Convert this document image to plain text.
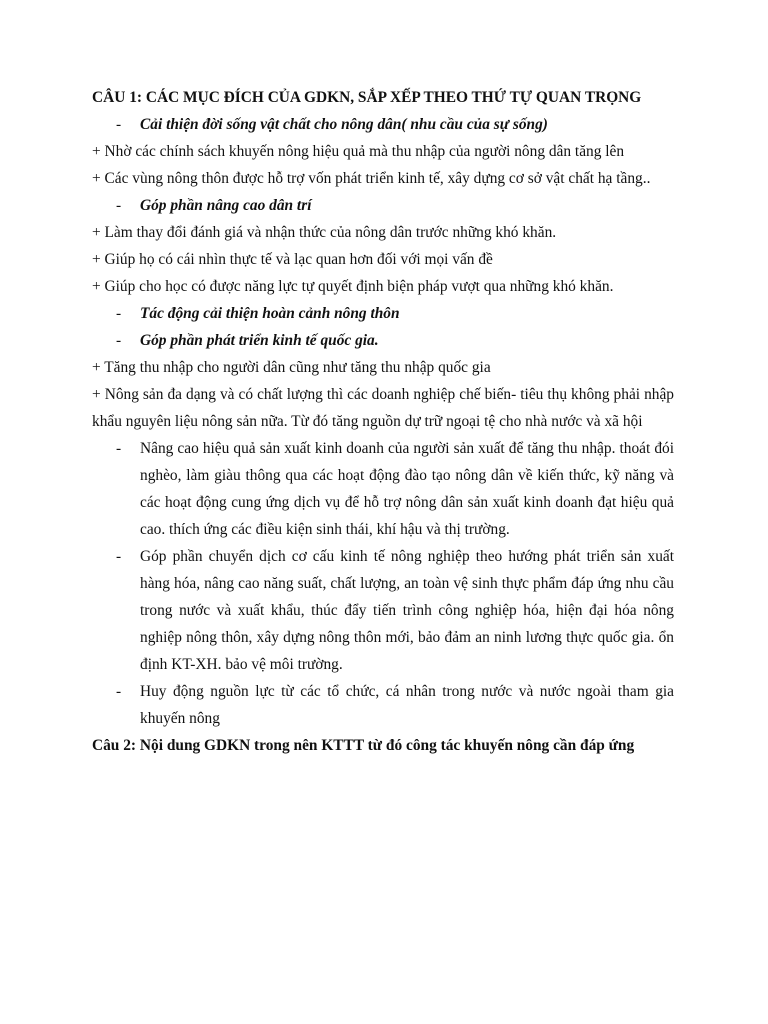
CÂU 1: CÁC MỤC ĐÍCH CỦA GDKN, SẮP XẾP THEO THỨ TỰ QUAN TRỌNG

- Cải thiện đời sống vật chất cho nông dân( nhu cầu của sự sống)

+ Nhờ các chính sách khuyến nông hiệu quả mà thu nhập của người nông dân tăng lên

+ Các vùng nông thôn được hỗ trợ vốn phát triển kinh tế, xây dựng cơ sở vật chất hạ tầng..

- Góp phần nâng cao dân trí

+ Làm thay đổi đánh giá và nhận thức của nông dân trước những khó khăn.

+ Giúp họ có cái nhìn thực tế và lạc quan hơn đối với mọi vấn đề

+ Giúp cho học có được năng lực tự quyết định biện pháp vượt qua những khó khăn.

- Tác động cải thiện hoàn cảnh nông thôn

- Góp phần phát triển kinh tế quốc gia.

+ Tăng thu nhập cho người dân cũng như tăng thu nhập quốc gia

+ Nông sản đa dạng và có chất lượng thì các doanh nghiệp chế biến- tiêu thụ không phải nhập khẩu nguyên liệu nông sản nữa. Từ đó tăng nguồn dự trữ ngoại tệ cho nhà nước và xã hội

- Nâng cao hiệu quả sản xuất kinh doanh của người sản xuất để tăng thu nhập. thoát đói nghèo, làm giàu thông qua các hoạt động đào tạo nông dân về kiến thức, kỹ năng và các hoạt động cung ứng dịch vụ để hỗ trợ nông dân sản xuất kinh doanh đạt hiệu quả cao. thích ứng các điều kiện sinh thái, khí hậu và thị trường.

- Góp phần chuyển dịch cơ cấu kinh tế nông nghiệp theo hướng phát triển sản xuất hàng hóa, nâng cao năng suất, chất lượng, an toàn vệ sinh thực phẩm đáp ứng nhu cầu trong nước và xuất khẩu, thúc đẩy tiến trình công nghiệp hóa, hiện đại hóa nông nghiệp nông thôn, xây dựng nông thôn mới, bảo đảm an ninh lương thực quốc gia. ổn định KT-XH. bảo vệ môi trường.

- Huy động nguồn lực từ các tổ chức, cá nhân trong nước và nước ngoài tham gia khuyến nông

Câu 2: Nội dung GDKN trong nên KTTT từ đó công tác khuyến nông cần đáp ứng
